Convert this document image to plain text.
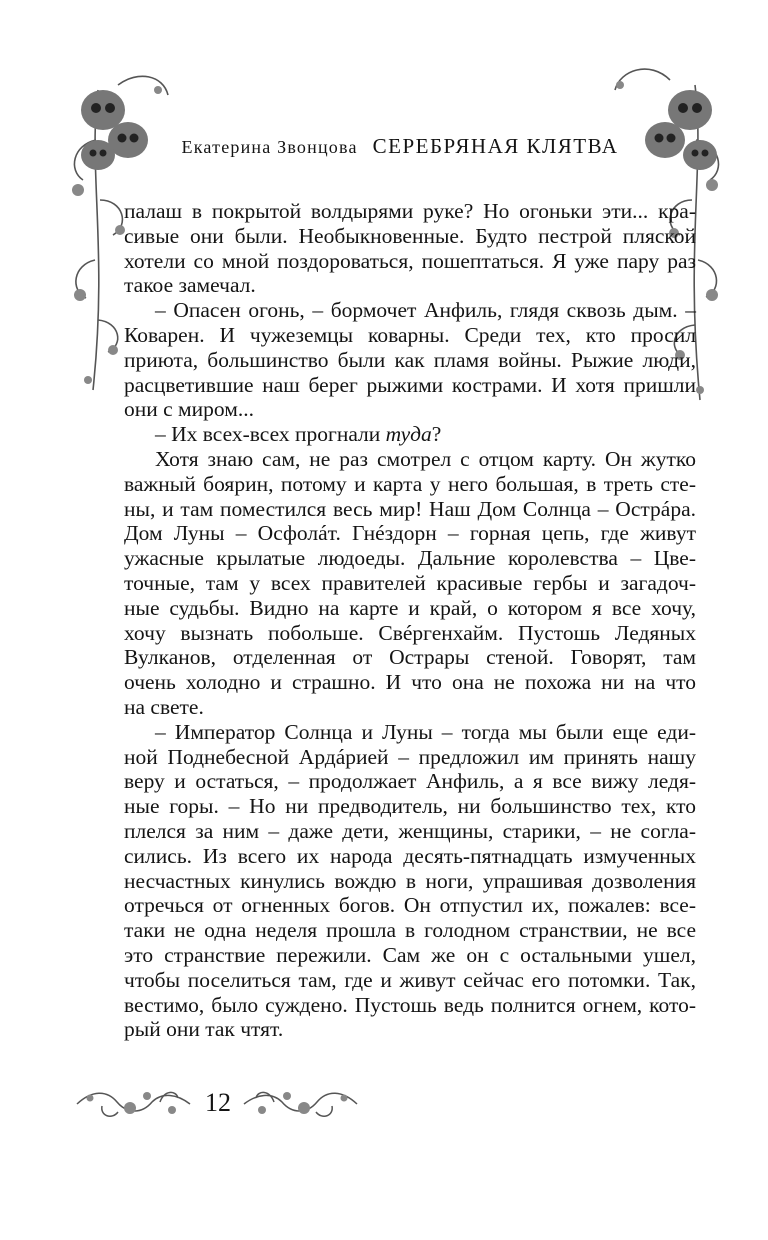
Екатерина Звонцова СЕРЕБРЯНАЯ КЛЯТВА
палаш в покрытой волдырями руке? Но огоньки эти... кра-
сивые они были. Необыкновенные. Будто пестрой пляской
хотели со мной поздороваться, пошептаться. Я уже пару раз
такое замечал.
– Опасен огонь, – бормочет Анфиль, глядя сквозь дым. –
Коварен. И чужеземцы коварны. Среди тех, кто просил
приюта, большинство были как пламя войны. Рыжие люди,
расцветившие наш берег рыжими кострами. И хотя пришли
они с миром...
– Их всех-всех прогнали туда?
Хотя знаю сам, не раз смотрел с отцом карту. Он жутко
важный боярин, потому и карта у него большая, в треть сте-
ны, и там поместился весь мир! Наш Дом Солнца – Острáра.
Дом Луны – Осфолáт. Гнéздорн – горная цепь, где живут
ужасные крылатые людоеды. Дальние королевства – Цве-
точные, там у всех правителей красивые гербы и загадоч-
ные судьбы. Видно на карте и край, о котором я все хочу,
хочу вызнать побольше. Свéргенхайм. Пустошь Ледяных
Вулканов, отделенная от Острары стеной. Говорят, там
очень холодно и страшно. И что она не похожа ни на что
на свете.
– Император Солнца и Луны – тогда мы были еще еди-
ной Поднебесной Ардáрией – предложил им принять нашу
веру и остаться, – продолжает Анфиль, а я все вижу ледя-
ные горы. – Но ни предводитель, ни большинство тех, кто
плелся за ним – даже дети, женщины, старики, – не согла-
сились. Из всего их народа десять-пятнадцать измученных
несчастных кинулись вождю в ноги, упрашивая дозволения
отречься от огненных богов. Он отпустил их, пожалев: все-
таки не одна неделя прошла в голодном странствии, не все
это странствие пережили. Сам же он с остальными ушел,
чтобы поселиться там, где и живут сейчас его потомки. Так,
вестимо, было суждено. Пустошь ведь полнится огнем, кото-
рый они так чтят.
12
